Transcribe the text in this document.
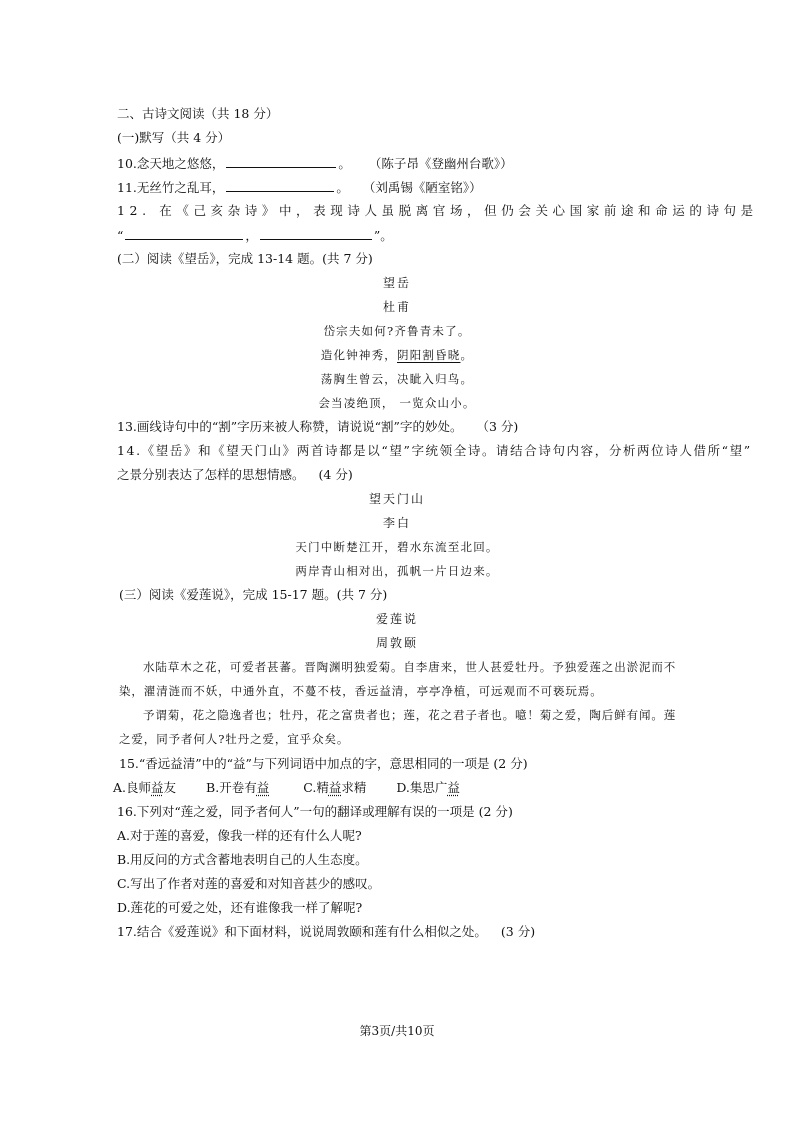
二、古诗文阅读（共 18 分）
(一)默写（共 4 分）
10.念天地之悠悠，	。 （陈子昂《登幽州台歌》）
11.无丝竹之乱耳，	。 （刘禹锡《陋室铭》）
12. 在《己亥杂诗》中，表现诗人虽脱离官场，但仍会关心国家前途和命运的诗句是
“	，	”。
(二）阅读《望岳》，完成 13-14 题。(共 7 分)
望岳
杜甫
岱宗夫如何?齐鲁青未了。
造化钟神秀，阴阳割昏晓。
荡胸生曾云，决眦入归鸟。
会当凌绝顶， 一览众山小。
13.画线诗句中的“割”字历来被人称赞，请说说“割”字的妙处。 （3 分)
14.《望岳》和《望天门山》两首诗都是以“望”字统领全诗。请结合诗句内容，分析两位诗人借所“望”
之景分别表达了怎样的思想情感。 (4 分)
望天门山
李白
天门中断楚江开，碧水东流至北回。
两岸青山相对出，孤帆一片日边来。
(三）阅读《爱莲说》，完成 15-17 题。(共 7 分)
爱莲说
周敦颐
水陆草木之花，可爱者甚蕃。晋陶渊明独爱菊。自李唐来，世人甚爱牡丹。予独爱莲之出淤泥而不
染，濯清涟而不妖，中通外直，不蔓不枝，香远益清，亭亭净植，可远观而不可亵玩焉。
予谓菊，花之隐逸者也；牡丹，花之富贵者也；莲，花之君子者也。噫！菊之爱，陶后鲜有闻。莲
之爱，同予者何人?牡丹之爱，宜乎众矣。
15.“香远益清”中的“益”与下列词语中加点的字，意思相同的一项是 (2 分)
A.良师益友 B.开卷有益	C.精益求精 D.集思广益
16.下列对“莲之爱，同予者何人”一句的翻译或理解有误的一项是 (2 分)
A.对于莲的喜爱，像我一样的还有什么人呢?
B.用反问的方式含蓄地表明自己的人生态度。
C.写出了作者对莲的喜爱和对知音甚少的感叹。
D.莲花的可爱之处，还有谁像我一样了解呢?
17.结合《爱莲说》和下面材料，说说周敦颐和莲有什么相似之处。 (3 分)
第3页/共10页
